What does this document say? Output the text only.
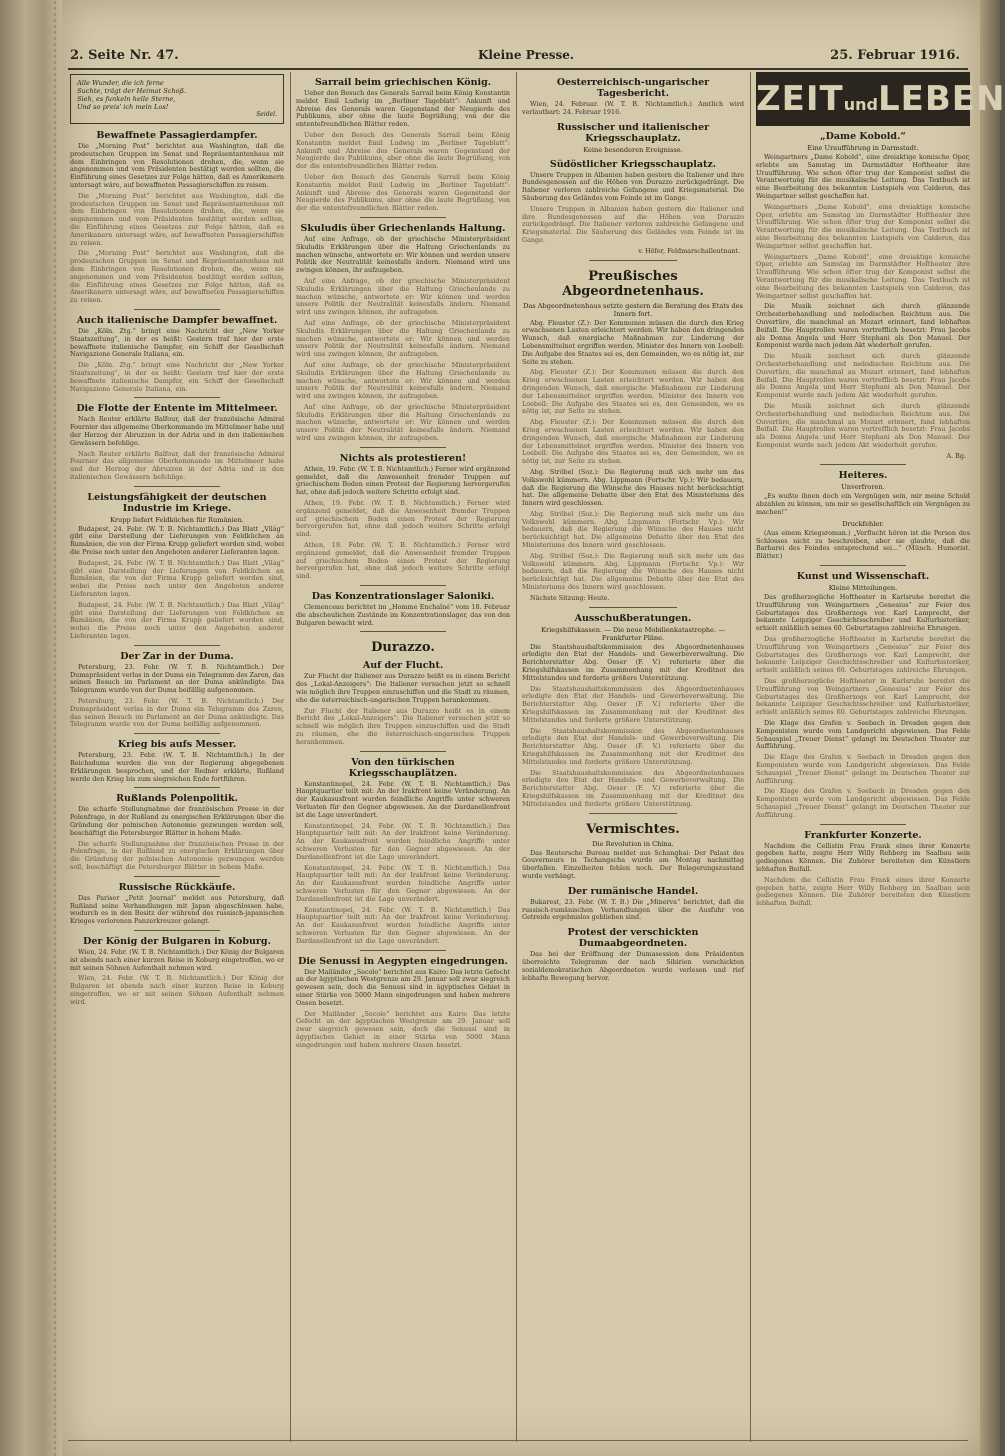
2. Seite Nr. 47.	Kleine Presse.	25. Februar 1916.
Alle Wunder, die ich ferne
Suchte, trägt der Heimat Schoß.
Sieh, es funkeln helle Sterne,
Und so preis' ich mein Los!
Seidel.
Bewaffnete Passagierdampfer.

Die „Morning Post“ berichtet aus Washington, daß die prodeutschen Gruppen im Senat und Repräsentantenhaus mit dem Einbringen von Resolutionen drohen, die, wenn sie angenommen und vom Präsidenten bestätigt werden sollten, die Einführung eines Gesetzes zur Folge hätten, daß es Amerikanern untersagt wäre, auf bewaffneten Passagierschiffen zu reisen.

Die „Morning Post“ berichtet aus Washington, daß die prodeutschen Gruppen im Senat und Repräsentantenhaus mit dem Einbringen von Resolutionen drohen, die, wenn sie angenommen und vom Präsidenten bestätigt werden sollten, die Einführung eines Gesetzes zur Folge hätten, daß es Amerikanern untersagt wäre, auf bewaffneten Passagierschiffen zu reisen.

Die „Morning Post“ berichtet aus Washington, daß die prodeutschen Gruppen im Senat und Repräsentantenhaus mit dem Einbringen von Resolutionen drohen, die, wenn sie angenommen und vom Präsidenten bestätigt werden sollten, die Einführung eines Gesetzes zur Folge hätten, daß es Amerikanern untersagt wäre, auf bewaffneten Passagierschiffen zu reisen.

Auch italienische Dampfer bewaffnet.

Die „Köln. Ztg.“ bringt eine Nachricht der „New Yorker Staatszeitung“, in der es heißt: Gestern traf hier der erste bewaffnete italienische Dampfer, ein Schiff der Gesellschaft Navigazione Generale Italiana, ein.

Die „Köln. Ztg.“ bringt eine Nachricht der „New Yorker Staatszeitung“, in der es heißt: Gestern traf hier der erste bewaffnete italienische Dampfer, ein Schiff der Gesellschaft Navigazione Generale Italiana, ein.

Die Flotte der Entente im Mittelmeer.

Nach Reuter erklärte Balfour, daß der französische Admiral Fournier das allgemeine Oberkommando im Mittelmeer habe und der Herzog der Abruzzen in der Adria und in den italienischen Gewässern befehlige.

Nach Reuter erklärte Balfour, daß der französische Admiral Fournier das allgemeine Oberkommando im Mittelmeer habe und der Herzog der Abruzzen in der Adria und in den italienischen Gewässern befehlige.

Leistungsfähigkeit der deutschen Industrie im Kriege.
Krupp liefert Feldküchen für Rumänien.

Budapest, 24. Febr. (W. T. B. Nichtamtlich.) Das Blatt „Világ“ gibt eine Darstellung der Lieferungen von Feldküchen an Rumänien, die von der Firma Krupp geliefert worden sind, wobei die Preise noch unter den Angeboten anderer Lieferanten lagen.

Budapest, 24. Febr. (W. T. B. Nichtamtlich.) Das Blatt „Világ“ gibt eine Darstellung der Lieferungen von Feldküchen an Rumänien, die von der Firma Krupp geliefert worden sind, wobei die Preise noch unter den Angeboten anderer Lieferanten lagen.

Budapest, 24. Febr. (W. T. B. Nichtamtlich.) Das Blatt „Világ“ gibt eine Darstellung der Lieferungen von Feldküchen an Rumänien, die von der Firma Krupp geliefert worden sind, wobei die Preise noch unter den Angeboten anderer Lieferanten lagen.

Der Zar in der Duma.

Petersburg, 23. Febr. (W. T. B. Nichtamtlich.) Der Dumapräsident verlas in der Duma ein Telegramm des Zaren, das seinen Besuch im Parlament an der Duma ankündigte. Das Telegramm wurde von der Duma beifällig aufgenommen.

Petersburg, 23. Febr. (W. T. B. Nichtamtlich.) Der Dumapräsident verlas in der Duma ein Telegramm des Zaren, das seinen Besuch im Parlament an der Duma ankündigte. Das Telegramm wurde von der Duma beifällig aufgenommen.

Krieg bis aufs Messer.

Petersburg, 23. Febr. (W. T. B. Nichtamtlich.) In der Reichsduma wurden die von der Regierung abgegebenen Erklärungen besprochen, und der Redner erklärte, Rußland werde den Krieg bis zum siegreichen Ende fortführen.

Rußlands Polenpolitik.

Die scharfe Stellungnahme der französischen Presse in der Polenfrage, in der Rußland zu energischen Erklärungen über die Gründung der polnischen Autonomie gezwungen werden soll, beschäftigt die Petersburger Blätter in hohem Maße.

Die scharfe Stellungnahme der französischen Presse in der Polenfrage, in der Rußland zu energischen Erklärungen über die Gründung der polnischen Autonomie gezwungen werden soll, beschäftigt die Petersburger Blätter in hohem Maße.

Russische Rückkäufe.

Das Pariser „Petit Journal“ meldet aus Petersburg, daß Rußland seine Verhandlungen mit Japan abgeschlossen habe, wodurch es in den Besitz der während des russisch-japanischen Krieges verlorenen Panzerkreuzer gelangt.

Der König der Bulgaren in Koburg.

Wien, 24. Febr. (W. T. B. Nichtamtlich.) Der König der Bulgaren ist abends nach einer kurzen Reise in Koburg eingetroffen, wo er mit seinen Söhnen Aufenthalt nehmen wird.

Wien, 24. Febr. (W. T. B. Nichtamtlich.) Der König der Bulgaren ist abends nach einer kurzen Reise in Koburg eingetroffen, wo er mit seinen Söhnen Aufenthalt nehmen wird.

Sarrail beim griechischen König.

Ueber den Besuch des Generals Sarrail beim König Konstantin meldet Emil Ludwig im „Berliner Tageblatt“: Ankunft und Abreise des Generals waren Gegenstand der Neugierde des Publikums, aber ohne die laute Begrüßung, von der die ententefreundlichen Blätter reden.

Ueber den Besuch des Generals Sarrail beim König Konstantin meldet Emil Ludwig im „Berliner Tageblatt“: Ankunft und Abreise des Generals waren Gegenstand der Neugierde des Publikums, aber ohne die laute Begrüßung, von der die ententefreundlichen Blätter reden.

Ueber den Besuch des Generals Sarrail beim König Konstantin meldet Emil Ludwig im „Berliner Tageblatt“: Ankunft und Abreise des Generals waren Gegenstand der Neugierde des Publikums, aber ohne die laute Begrüßung, von der die ententefreundlichen Blätter reden.

Skuludis über Griechenlands Haltung.

Auf eine Anfrage, ob der griechische Ministerpräsident Skuludis Erklärungen über die Haltung Griechenlands zu machen wünsche, antwortete er: Wir können und werden unsere Politik der Neutralität keinesfalls ändern. Niemand wird uns zwingen können, ihr aufzugeben.

Auf eine Anfrage, ob der griechische Ministerpräsident Skuludis Erklärungen über die Haltung Griechenlands zu machen wünsche, antwortete er: Wir können und werden unsere Politik der Neutralität keinesfalls ändern. Niemand wird uns zwingen können, ihr aufzugeben.

Auf eine Anfrage, ob der griechische Ministerpräsident Skuludis Erklärungen über die Haltung Griechenlands zu machen wünsche, antwortete er: Wir können und werden unsere Politik der Neutralität keinesfalls ändern. Niemand wird uns zwingen können, ihr aufzugeben.

Auf eine Anfrage, ob der griechische Ministerpräsident Skuludis Erklärungen über die Haltung Griechenlands zu machen wünsche, antwortete er: Wir können und werden unsere Politik der Neutralität keinesfalls ändern. Niemand wird uns zwingen können, ihr aufzugeben.

Auf eine Anfrage, ob der griechische Ministerpräsident Skuludis Erklärungen über die Haltung Griechenlands zu machen wünsche, antwortete er: Wir können und werden unsere Politik der Neutralität keinesfalls ändern. Niemand wird uns zwingen können, ihr aufzugeben.

Nichts als protestieren!

Athen, 19. Febr. (W. T. B. Nichtamtlich.) Ferner wird ergänzend gemeldet, daß die Anwesenheit fremder Truppen auf griechischem Boden einen Protest der Regierung hervorgerufen hat, ohne daß jedoch weitere Schritte erfolgt sind.

Athen, 19. Febr. (W. T. B. Nichtamtlich.) Ferner wird ergänzend gemeldet, daß die Anwesenheit fremder Truppen auf griechischem Boden einen Protest der Regierung hervorgerufen hat, ohne daß jedoch weitere Schritte erfolgt sind.

Athen, 19. Febr. (W. T. B. Nichtamtlich.) Ferner wird ergänzend gemeldet, daß die Anwesenheit fremder Truppen auf griechischem Boden einen Protest der Regierung hervorgerufen hat, ohne daß jedoch weitere Schritte erfolgt sind.

Das Konzentrationslager Saloniki.

Clemenceau berichtet im „Homme Enchaîné“ vom 18. Februar die abscheulichen Zustände im Konzentrationslager, das von den Bulgaren bewacht wird.

Durazzo.
Auf der Flucht.

Zur Flucht der Italiener aus Durazzo heißt es in einem Bericht des „Lokal-Anzeigers“: Die Italiener versuchen jetzt so schnell wie möglich ihre Truppen einzuschiffen und die Stadt zu räumen, ehe die österreichisch-ungarischen Truppen herankommen.

Zur Flucht der Italiener aus Durazzo heißt es in einem Bericht des „Lokal-Anzeigers“: Die Italiener versuchen jetzt so schnell wie möglich ihre Truppen einzuschiffen und die Stadt zu räumen, ehe die österreichisch-ungarischen Truppen herankommen.

Von den türkischen Kriegsschauplätzen.

Konstantinopel, 24. Febr. (W. T. B. Nichtamtlich.) Das Hauptquartier teilt mit: An der Irakfront keine Veränderung. An der Kaukasusfront wurden feindliche Angriffe unter schweren Verlusten für den Gegner abgewiesen. An der Dardanellenfront ist die Lage unverändert.

Konstantinopel, 24. Febr. (W. T. B. Nichtamtlich.) Das Hauptquartier teilt mit: An der Irakfront keine Veränderung. An der Kaukasusfront wurden feindliche Angriffe unter schweren Verlusten für den Gegner abgewiesen. An der Dardanellenfront ist die Lage unverändert.

Konstantinopel, 24. Febr. (W. T. B. Nichtamtlich.) Das Hauptquartier teilt mit: An der Irakfront keine Veränderung. An der Kaukasusfront wurden feindliche Angriffe unter schweren Verlusten für den Gegner abgewiesen. An der Dardanellenfront ist die Lage unverändert.

Konstantinopel, 24. Febr. (W. T. B. Nichtamtlich.) Das Hauptquartier teilt mit: An der Irakfront keine Veränderung. An der Kaukasusfront wurden feindliche Angriffe unter schweren Verlusten für den Gegner abgewiesen. An der Dardanellenfront ist die Lage unverändert.

Die Senussi in Aegypten eingedrungen.

Der Mailänder „Secolo“ berichtet aus Kairo: Das letzte Gefecht an der ägyptischen Westgrenze am 29. Januar soll zwar siegreich gewesen sein, doch die Senussi sind in ägyptisches Gebiet in einer Stärke von 5000 Mann eingedrungen und haben mehrere Oasen besetzt.

Der Mailänder „Secolo“ berichtet aus Kairo: Das letzte Gefecht an der ägyptischen Westgrenze am 29. Januar soll zwar siegreich gewesen sein, doch die Senussi sind in ägyptisches Gebiet in einer Stärke von 5000 Mann eingedrungen und haben mehrere Oasen besetzt.

Oesterreichisch-ungarischer Tagesbericht.

Wien, 24. Februar. (W. T. B. Nichtamtlich.) Amtlich wird verlautbart: 24. Februar 1916.

Russischer und italienischer Kriegsschauplatz.
Keine besonderen Ereignisse.
Südöstlicher Kriegsschauplatz.

Unsere Truppen in Albanien haben gestern die Italiener und ihre Bundesgenossen auf die Höhen von Durazzo zurückgedrängt. Die Italiener verloren zahlreiche Gefangene und Kriegsmaterial. Die Säuberung des Geländes vom Feinde ist im Gange.

Unsere Truppen in Albanien haben gestern die Italiener und ihre Bundesgenossen auf die Höhen von Durazzo zurückgedrängt. Die Italiener verloren zahlreiche Gefangene und Kriegsmaterial. Die Säuberung des Geländes vom Feinde ist im Gange.

v. Höfer, Feldmarschalleutnant.
Preußisches Abgeordnetenhaus.
Das Abgeordnetenhaus setzte gestern die Beratung des Etats des Innern fort.

Abg. Fleuster (Z.): Der Kommunen müssen die durch den Krieg erwachsenen Lasten erleichtert werden. Wir haben den dringenden Wunsch, daß energische Maßnahmen zur Linderung der Lebensmittelnot ergriffen werden. Minister des Innern von Loebell: Die Aufgabe des Staates sei es, den Gemeinden, wo es nötig ist, zur Seite zu stehen.

Abg. Fleuster (Z.): Der Kommunen müssen die durch den Krieg erwachsenen Lasten erleichtert werden. Wir haben den dringenden Wunsch, daß energische Maßnahmen zur Linderung der Lebensmittelnot ergriffen werden. Minister des Innern von Loebell: Die Aufgabe des Staates sei es, den Gemeinden, wo es nötig ist, zur Seite zu stehen.

Abg. Fleuster (Z.): Der Kommunen müssen die durch den Krieg erwachsenen Lasten erleichtert werden. Wir haben den dringenden Wunsch, daß energische Maßnahmen zur Linderung der Lebensmittelnot ergriffen werden. Minister des Innern von Loebell: Die Aufgabe des Staates sei es, den Gemeinden, wo es nötig ist, zur Seite zu stehen.

Abg. Ströbel (Soz.): Die Regierung muß sich mehr um das Volkswohl kümmern. Abg. Lippmann (Fortschr. Vp.): Wir bedauern, daß die Regierung die Wünsche des Hauses nicht berücksichtigt hat. Die allgemeine Debatte über den Etat des Ministeriums des Innern wird geschlossen.

Abg. Ströbel (Soz.): Die Regierung muß sich mehr um das Volkswohl kümmern. Abg. Lippmann (Fortschr. Vp.): Wir bedauern, daß die Regierung die Wünsche des Hauses nicht berücksichtigt hat. Die allgemeine Debatte über den Etat des Ministeriums des Innern wird geschlossen.

Abg. Ströbel (Soz.): Die Regierung muß sich mehr um das Volkswohl kümmern. Abg. Lippmann (Fortschr. Vp.): Wir bedauern, daß die Regierung die Wünsche des Hauses nicht berücksichtigt hat. Die allgemeine Debatte über den Etat des Ministeriums des Innern wird geschlossen.

Nächste Sitzung: Heute.

Ausschußberatungen.
Kriegshilfskassen. — Die neue Mobilienkatastrophe. — Frankfurter Pläne.

Die Staatshaushaltskommission des Abgeordnetenhauses erledigte den Etat der Handels- und Gewerbeverwaltung. Die Berichterstatter Abg. Oeser (F. V.) referierte über die Kriegshilfskassen im Zusammenhang mit der Kreditnot des Mittelstandes und forderte größere Unterstützung.

Die Staatshaushaltskommission des Abgeordnetenhauses erledigte den Etat der Handels- und Gewerbeverwaltung. Die Berichterstatter Abg. Oeser (F. V.) referierte über die Kriegshilfskassen im Zusammenhang mit der Kreditnot des Mittelstandes und forderte größere Unterstützung.

Die Staatshaushaltskommission des Abgeordnetenhauses erledigte den Etat der Handels- und Gewerbeverwaltung. Die Berichterstatter Abg. Oeser (F. V.) referierte über die Kriegshilfskassen im Zusammenhang mit der Kreditnot des Mittelstandes und forderte größere Unterstützung.

Die Staatshaushaltskommission des Abgeordnetenhauses erledigte den Etat der Handels- und Gewerbeverwaltung. Die Berichterstatter Abg. Oeser (F. V.) referierte über die Kriegshilfskassen im Zusammenhang mit der Kreditnot des Mittelstandes und forderte größere Unterstützung.

Vermischtes.
Die Revolution in China.

Das Reutersche Bureau meldet aus Schanghai: Der Palast des Gouverneurs in Tschangscha wurde am Montag nachmittag überfallen. Einzelheiten fehlen noch. Der Belagerungszustand wurde verhängt.

Der rumänische Handel.

Bukarest, 23. Febr. (W. T. B.) Die „Minerva“ berichtet, daß die russisch-rumänischen Verhandlungen über die Ausfuhr von Getreide ergebnislos geblieben sind.

Protest der verschickten Dumaabgeordneten.

Das bei der Eröffnung der Dumasession dem Präsidenten überreichte Telegramm der nach Sibirien verschickten sozialdemokratischen Abgeordneten wurde verlesen und rief lebhafte Bewegung hervor.

ZEITundLEBEN
„Dame Kobold.“
Eine Uraufführung in Darmstadt.

Weingartners „Dame Kobold“, eine dreiaktige komische Oper, erlebte am Samstag im Darmstädter Hoftheater ihre Uraufführung. Wie schon öfter trug der Komponist selbst die Verantwortung für die musikalische Leitung. Das Textbuch ist eine Bearbeitung des bekannten Lustspiels von Calderon, das Weingartner selbst geschaffen hat.

Weingartners „Dame Kobold“, eine dreiaktige komische Oper, erlebte am Samstag im Darmstädter Hoftheater ihre Uraufführung. Wie schon öfter trug der Komponist selbst die Verantwortung für die musikalische Leitung. Das Textbuch ist eine Bearbeitung des bekannten Lustspiels von Calderon, das Weingartner selbst geschaffen hat.

Weingartners „Dame Kobold“, eine dreiaktige komische Oper, erlebte am Samstag im Darmstädter Hoftheater ihre Uraufführung. Wie schon öfter trug der Komponist selbst die Verantwortung für die musikalische Leitung. Das Textbuch ist eine Bearbeitung des bekannten Lustspiels von Calderon, das Weingartner selbst geschaffen hat.

Die Musik zeichnet sich durch glänzende Orchesterbehandlung und melodischen Reichtum aus. Die Ouvertüre, die manchmal an Mozart erinnert, fand lebhaften Beifall. Die Hauptrollen waren vortrefflich besetzt: Frau Jacobs als Donna Angela und Herr Stephani als Don Manuel. Der Komponist wurde nach jedem Akt wiederholt gerufen.

Die Musik zeichnet sich durch glänzende Orchesterbehandlung und melodischen Reichtum aus. Die Ouvertüre, die manchmal an Mozart erinnert, fand lebhaften Beifall. Die Hauptrollen waren vortrefflich besetzt: Frau Jacobs als Donna Angela und Herr Stephani als Don Manuel. Der Komponist wurde nach jedem Akt wiederholt gerufen.

Die Musik zeichnet sich durch glänzende Orchesterbehandlung und melodischen Reichtum aus. Die Ouvertüre, die manchmal an Mozart erinnert, fand lebhaften Beifall. Die Hauptrollen waren vortrefflich besetzt: Frau Jacobs als Donna Angela und Herr Stephani als Don Manuel. Der Komponist wurde nach jedem Akt wiederholt gerufen.

A. Bg.
Heiteres.
Unverfroren.

„Es wußte ihnen doch ein Vergnügen sein, mir meine Schuld abzahlen zu können, um mir so gesellschaftlich ein Vergnügen zu machen!“

Druckfehler.

(Aus einem Kriegsroman.) „Verflucht hören ist die Person des Schlosses nicht zu beschreiben, aber sie glaubte, daß die Barbarei des Feindes entsprechend sei...“ (Münch. Humorist. Blätter.)

Kunst und Wissenschaft.
Kleine Mitteilungen.

Das großherzogliche Hoftheater in Karlsruhe bereitet die Uraufführung von Weingartners „Genesius“ zur Feier des Geburtstages des Großherzogs vor. Karl Lamprecht, der bekannte Leipziger Geschichtsschreiber und Kulturhistoriker, erhielt anläßlich seines 60. Geburtstages zahlreiche Ehrungen.

Das großherzogliche Hoftheater in Karlsruhe bereitet die Uraufführung von Weingartners „Genesius“ zur Feier des Geburtstages des Großherzogs vor. Karl Lamprecht, der bekannte Leipziger Geschichtsschreiber und Kulturhistoriker, erhielt anläßlich seines 60. Geburtstages zahlreiche Ehrungen.

Das großherzogliche Hoftheater in Karlsruhe bereitet die Uraufführung von Weingartners „Genesius“ zur Feier des Geburtstages des Großherzogs vor. Karl Lamprecht, der bekannte Leipziger Geschichtsschreiber und Kulturhistoriker, erhielt anläßlich seines 60. Geburtstages zahlreiche Ehrungen.

Die Klage des Grafen v. Seebach in Dresden gegen den Komponisten wurde vom Landgericht abgewiesen. Das Felde Schauspiel „Treuer Dienst“ gelangt im Deutschen Theater zur Aufführung.

Die Klage des Grafen v. Seebach in Dresden gegen den Komponisten wurde vom Landgericht abgewiesen. Das Felde Schauspiel „Treuer Dienst“ gelangt im Deutschen Theater zur Aufführung.

Die Klage des Grafen v. Seebach in Dresden gegen den Komponisten wurde vom Landgericht abgewiesen. Das Felde Schauspiel „Treuer Dienst“ gelangt im Deutschen Theater zur Aufführung.

Frankfurter Konzerte.

Nachdem die Cellistin Frau Frank eines ihrer Konzerte gegeben hatte, zeigte Herr Willy Rehberg im Saalbau sein gediegenes Können. Die Zuhörer bereiteten den Künstlern lebhaften Beifall.

Nachdem die Cellistin Frau Frank eines ihrer Konzerte gegeben hatte, zeigte Herr Willy Rehberg im Saalbau sein gediegenes Können. Die Zuhörer bereiteten den Künstlern lebhaften Beifall.
